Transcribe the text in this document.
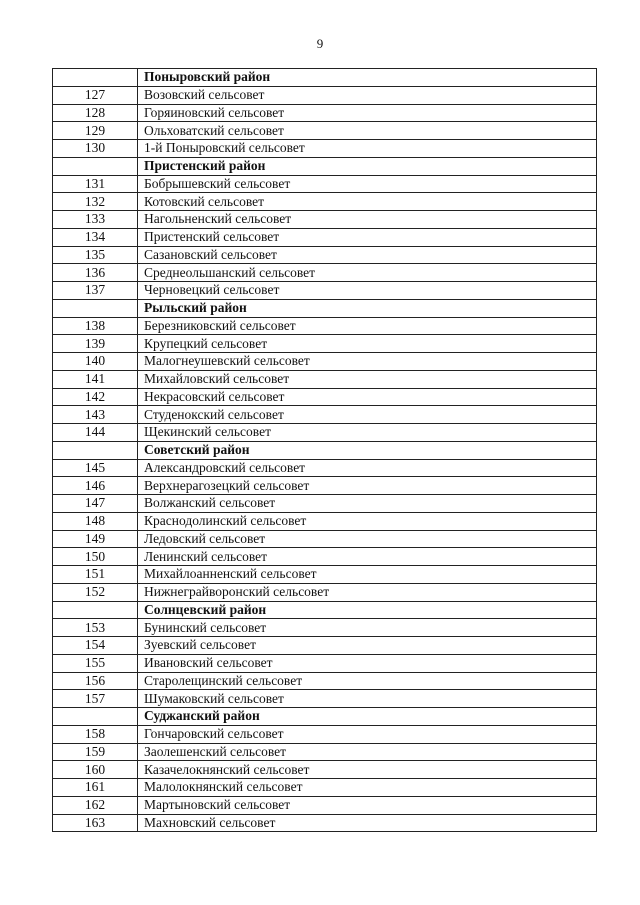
9
	Поныровский район
127	Возовский сельсовет
128	Горяиновский сельсовет
129	Ольховатский сельсовет
130	1-й Поныровский сельсовет
	Пристенский район
131	Бобрышевский сельсовет
132	Котовский сельсовет
133	Нагольненский сельсовет
134	Пристенский сельсовет
135	Сазановский сельсовет
136	Среднеольшанский сельсовет
137	Черновецкий сельсовет
	Рыльский район
138	Березниковский сельсовет
139	Крупецкий сельсовет
140	Малогнеушевский сельсовет
141	Михайловский сельсовет
142	Некрасовский сельсовет
143	Студенокский сельсовет
144	Щекинский сельсовет
	Советский район
145	Александровский сельсовет
146	Верхнерагозецкий сельсовет
147	Волжанский сельсовет
148	Краснодолинский сельсовет
149	Ледовский сельсовет
150	Ленинский сельсовет
151	Михайлоанненский сельсовет
152	Нижнеграйворонский сельсовет
	Солнцевский район
153	Бунинский сельсовет
154	Зуевский сельсовет
155	Ивановский сельсовет
156	Старолещинский сельсовет
157	Шумаковский сельсовет
	Суджанский район
158	Гончаровский сельсовет
159	Заолешенский сельсовет
160	Казачелокнянский сельсовет
161	Малолокнянский сельсовет
162	Мартыновский сельсовет
163	Махновский сельсовет
